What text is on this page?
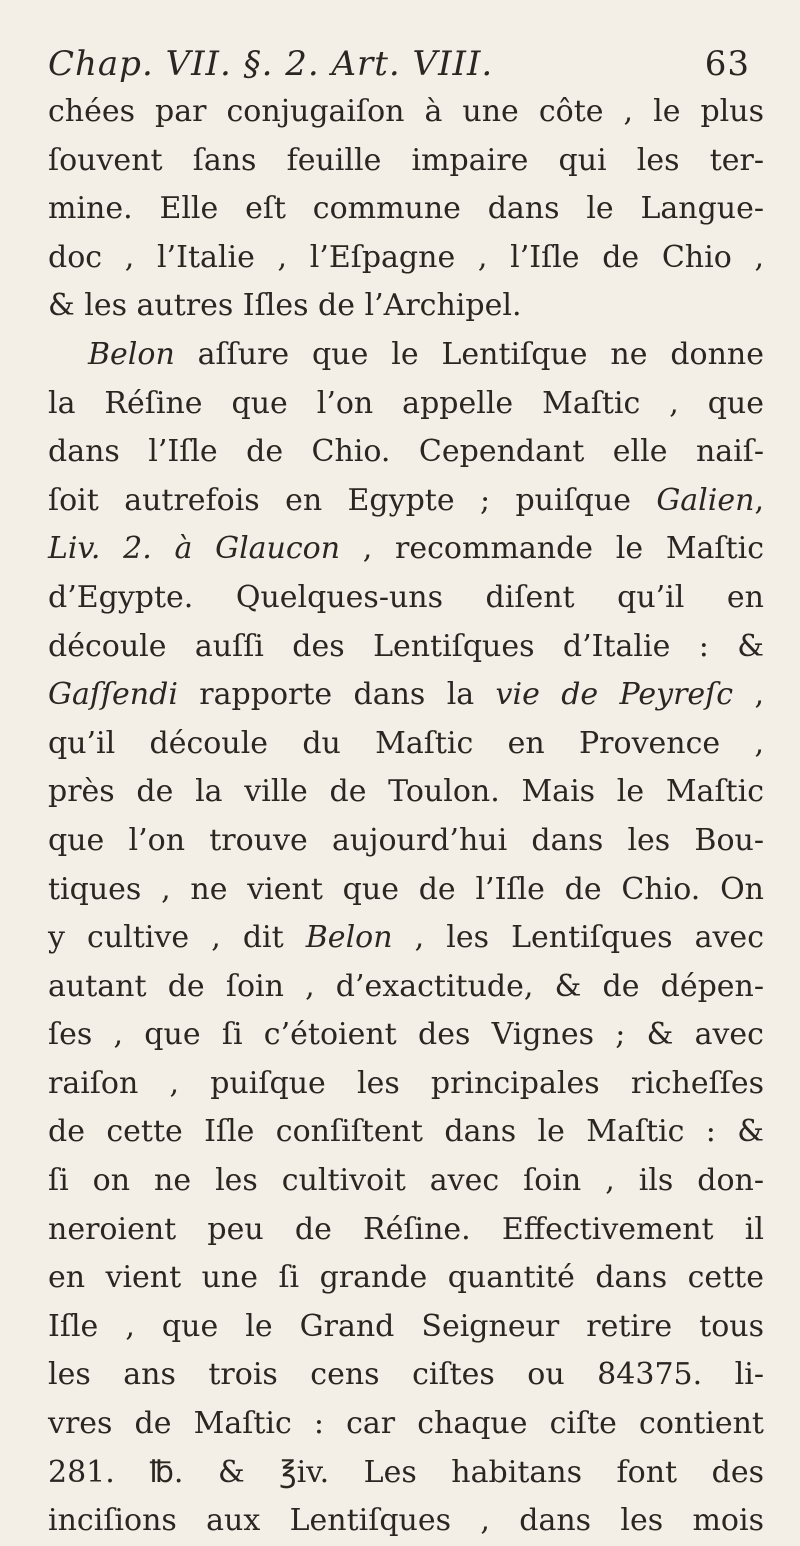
Chap. VII. §. 2. Art. VIII.	63
chées par conjugaiſon à une côte , le plus
ſouvent ſans feuille impaire qui les ter-
mine. Elle eſt commune dans le Langue-
doc , l’Italie , l’Eſpagne , l’Iſle de Chio ,
& les autres Iſles de l’Archipel.
Belon aſſure que le Lentiſque ne donne
la Réſine que l’on appelle Maſtic , que
dans l’Iſle de Chio. Cependant elle naiſ-
ſoit autrefois en Egypte ; puiſque Galien,
Liv. 2. à Glaucon , recommande le Maſtic
d’Egypte. Quelques-uns diſent qu’il en
découle auſſi des Lentiſques d’Italie : &
Gaſſendi rapporte dans la vie de Peyreſc ,
qu’il découle du Maſtic en Provence ,
près de la ville de Toulon. Mais le Maſtic
que l’on trouve aujourd’hui dans les Bou-
tiques , ne vient que de l’Iſle de Chio. On
y cultive , dit Belon , les Lentiſques avec
autant de ſoin , d’exactitude, & de dépen-
ſes , que ſi c’étoient des Vignes ; & avec
raiſon , puiſque les principales richeſſes
de cette Iſle conſiſtent dans le Maſtic : &
ſi on ne les cultivoit avec ſoin , ils don-
neroient peu de Réſine. Effectivement il
en vient une ſi grande quantité dans cette
Iſle , que le Grand Seigneur retire tous
les ans trois cens ciſtes ou 84375. li-
vres de Maſtic : car chaque ciſte contient
281. ℔. & ℥iv. Les habitans font des
inciſions aux Lentiſques , dans les mois
